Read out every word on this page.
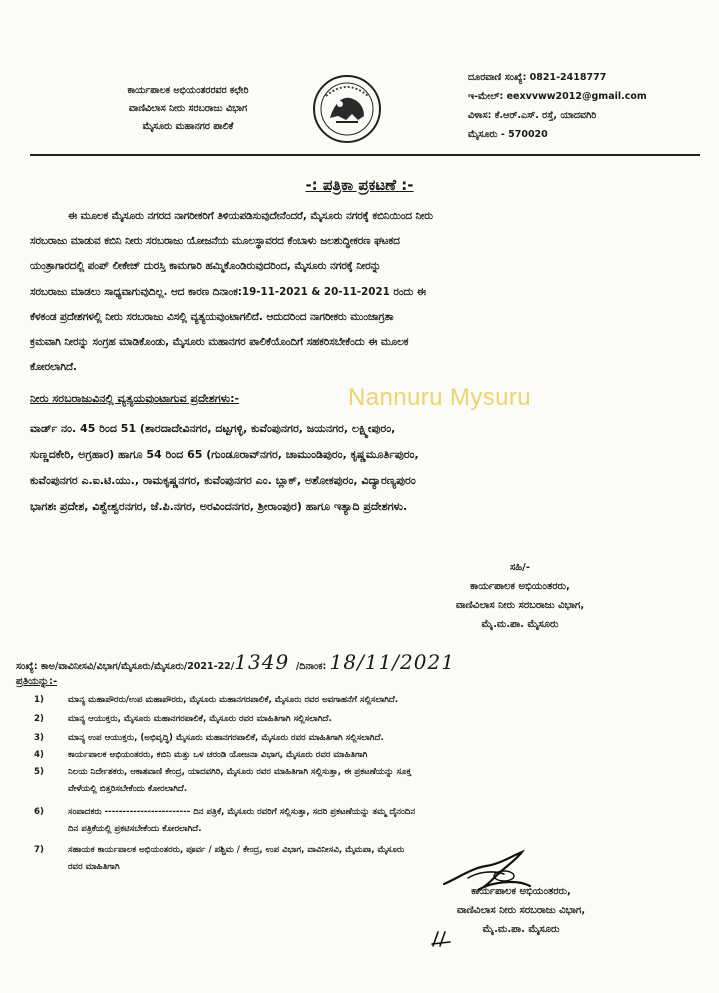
ಕಾರ್ಯಪಾಲಕ ಅಭಿಯಂತರರವರ ಕಛೇರಿ
ವಾಣಿವಿಲಾಸ ನೀರು ಸರಬರಾಜು ವಿಭಾಗ
ಮೈಸೂರು ಮಹಾನಗರ ಪಾಲಿಕೆ
ದೂರವಾಣಿ ಸಂಖ್ಯೆ: 0821-2418777
ಇ-ಮೇಲ್: eexvvww2012@gmail.com
ವಿಳಾಸ: ಕೆ.ಆರ್.ಎಸ್. ರಸ್ತೆ, ಯಾದವಗಿರಿ
ಮೈಸೂರು - 570020
-: ಪತ್ರಿಕಾ ಪ್ರಕಟಣೆ :-
ಈ ಮೂಲಕ ಮೈಸೂರು ನಗರದ ನಾಗರೀಕರಿಗೆ ತಿಳಿಯಪಡಿಸುವುದೇನೆಂದರೆ, ಮೈಸೂರು ನಗರಕ್ಕೆ ಕಬಿನಿಯಿಂದ ನೀರು
ಸರಬರಾಜು ಮಾಡುವ ಕಬಿನಿ ನೀರು ಸರಬರಾಜು ಯೋಜನೆಯ ಮೂಲಸ್ಥಾವರದ ಕೆಂಬಾಳು ಜಲಶುದ್ಧೀಕರಣ ಘಟಕದ
ಯಂತ್ರಾಗಾರದಲ್ಲಿ ಪಂಪ್ ಲೀಕೇಜ್ ದುರಸ್ತಿ ಕಾಮಗಾರಿ ಹಮ್ಮಿಕೊಂಡಿರುವುದರಿಂದ, ಮೈಸೂರು ನಗರಕ್ಕೆ ನೀರನ್ನು
ಸರಬರಾಜು ಮಾಡಲು ಸಾಧ್ಯವಾಗುವುದಿಲ್ಲ. ಆದ ಕಾರಣ ದಿನಾಂಕ:19-11-2021 & 20-11-2021 ರಂದು ಈ
ಕೆಳಕಂಡ ಪ್ರದೇಶಗಳಲ್ಲಿ ನೀರು ಸರಬರಾಜು ವಿಸಲ್ಲಿ ವ್ಯತ್ಯಯವುಂಟಾಗಲಿದೆ. ಆದುದರಿಂದ ನಾಗರೀಕರು ಮುಂಜಾಗ್ರತಾ
ಕ್ರಮವಾಗಿ ನೀರನ್ನು ಸಂಗ್ರಹ ಮಾಡಿಕೊಂಡು, ಮೈಸೂರು ಮಹಾನಗರ ಪಾಲಿಕೆಯೊಂದಿಗೆ ಸಹಕರಿಸಬೇಕೆಂದು ಈ ಮೂಲಕ
ಕೋರಲಾಗಿದೆ.
ನೀರು ಸರಬರಾಜುವಿನಲ್ಲಿ ವ್ಯತ್ಯಯವುಂಟಾಗುವ ಪ್ರದೇಶಗಳು:-	Nannuru Mysuru
ವಾರ್ಡ್ ನಂ. 45 ರಿಂದ 51 (ಶಾರದಾದೇವಿನಗರ, ದಟ್ಟಗಳ್ಳಿ, ಕುವೆಂಪುನಗರ, ಜಯನಗರ, ಲಕ್ಷ್ಮೀಪುರಂ,
ಸುಣ್ಣದಕೇರಿ, ಅಗ್ರಹಾರ) ಹಾಗೂ 54 ರಿಂದ 65 (ಗುಂಡೂರಾವ್‌ನಗರ, ಚಾಮುಂಡಿಪುರಂ, ಕೃಷ್ಣಮೂರ್ತಿಪುರಂ,
ಕುವೆಂಪುನಗರ ಎ.ಐ.ಟಿ.ಯು., ರಾಮಕೃಷ್ಣನಗರ, ಕುವೆಂಪುನಗರ ಎಂ. ಬ್ಲಾಕ್, ಅಶೋಕಪುರಂ, ವಿದ್ಯಾರಣ್ಯಪುರಂ
ಭಾಗಶಃ ಪ್ರದೇಶ, ವಿಶ್ವೇಶ್ವರನಗರ, ಜೆ.ಪಿ.ನಗರ, ಅರವಿಂದನಗರ, ಶ್ರೀರಾಂಪುರ) ಹಾಗೂ ಇತ್ಯಾದಿ ಪ್ರದೇಶಗಳು.
ಸಹಿ/-
ಕಾರ್ಯಪಾಲಕ ಅಭಿಯಂತರರು,
ವಾಣಿವಿಲಾಸ ನೀರು ಸರಬರಾಜು ವಿಭಾಗ,
ಮೈ.ಮ.ಪಾ. ಮೈಸೂರು
ಸಂಖ್ಯೆ: ಕಾಅ/ವಾವಿನೀಸವಿ/ವಿಭಾಗ/ಮೈಸೂರು/ಮೈಸೂರು/2021-22/1349 /ದಿನಾಂಕ: 18/11/2021
ಪ್ರತಿಯನ್ನು:-
1)	ಮಾನ್ಯ ಮಹಾಪೌರರು/ಉಪ ಮಹಾಪೌರರು, ಮೈಸೂರು ಮಹಾನಗರಪಾಲಿಕೆ, ಮೈಸೂರು ರವರ ಅವಗಾಹನೆಗೆ ಸಲ್ಲಿಸಲಾಗಿದೆ.
2)	ಮಾನ್ಯ ಆಯುಕ್ತರು, ಮೈಸೂರು ಮಹಾನಗರಪಾಲಿಕೆ, ಮೈಸೂರು ರವರ ಮಾಹಿತಿಗಾಗಿ ಸಲ್ಲಿಸಲಾಗಿದೆ.
3)	ಮಾನ್ಯ ಉಪ ಆಯುಕ್ತರು, (ಅಭಿವೃದ್ಧಿ) ಮೈಸೂರು ಮಹಾನಗರಪಾಲಿಕೆ, ಮೈಸೂರು ರವರ ಮಾಹಿತಿಗಾಗಿ ಸಲ್ಲಿಸಲಾಗಿದೆ.
4)	ಕಾರ್ಯಪಾಲಕ ಅಭಿಯಂತರರು, ಕಬಿನಿ ಮತ್ತು ಒಳ ಚರಂಡಿ ಯೋಜನಾ ವಿಭಾಗ, ಮೈಸೂರು ರವರ ಮಾಹಿತಿಗಾಗಿ
5)	ನಿಲಯ ನಿರ್ದೇಶಕರು, ಆಕಾಶವಾಣಿ ಕೇಂದ್ರ, ಯಾದವಗಿರಿ, ಮೈಸೂರು ರವರ ಮಾಹಿತಿಗಾಗಿ ಸಲ್ಲಿಸುತ್ತಾ, ಈ ಪ್ರಕಟಣೆಯನ್ನು ಸೂಕ್ತ
ವೇಳೆಯಲ್ಲಿ ಬಿತ್ತರಿಸಬೇಕೆಂದು ಕೋರಲಾಗಿದೆ.
6)	ಸಂಪಾದಕರು ------------------------ ದಿನ ಪತ್ರಿಕೆ, ಮೈಸೂರು ರವರಿಗೆ ಸಲ್ಲಿಸುತ್ತಾ, ಸದರಿ ಪ್ರಕಟಣೆಯನ್ನು ತಮ್ಮ ದೈನಂದಿನ
ದಿನ ಪತ್ರಿಕೆಯಲ್ಲಿ ಪ್ರಕಟಿಸಬೇಕೆಂದು ಕೋರಲಾಗಿದೆ.
7)	ಸಹಾಯಕ ಕಾರ್ಯಪಾಲಕ ಅಭಿಯಂತರರು, ಪೂರ್ವ / ಪಶ್ಚಿಮ / ಕೇಂದ್ರ, ಉಪ ವಿಭಾಗ, ವಾವಿನೀಸವಿ, ಮೈಮಪಾ, ಮೈಸೂರು
ರವರ ಮಾಹಿತಿಗಾಗಿ
ಕಾರ್ಯಪಾಲಕ ಅಭಿಯಂತರರು,
ವಾಣಿವಿಲಾಸ ನೀರು ಸರಬರಾಜು ವಿಭಾಗ,
ಮೈ.ಮ.ಪಾ. ಮೈಸೂರು
